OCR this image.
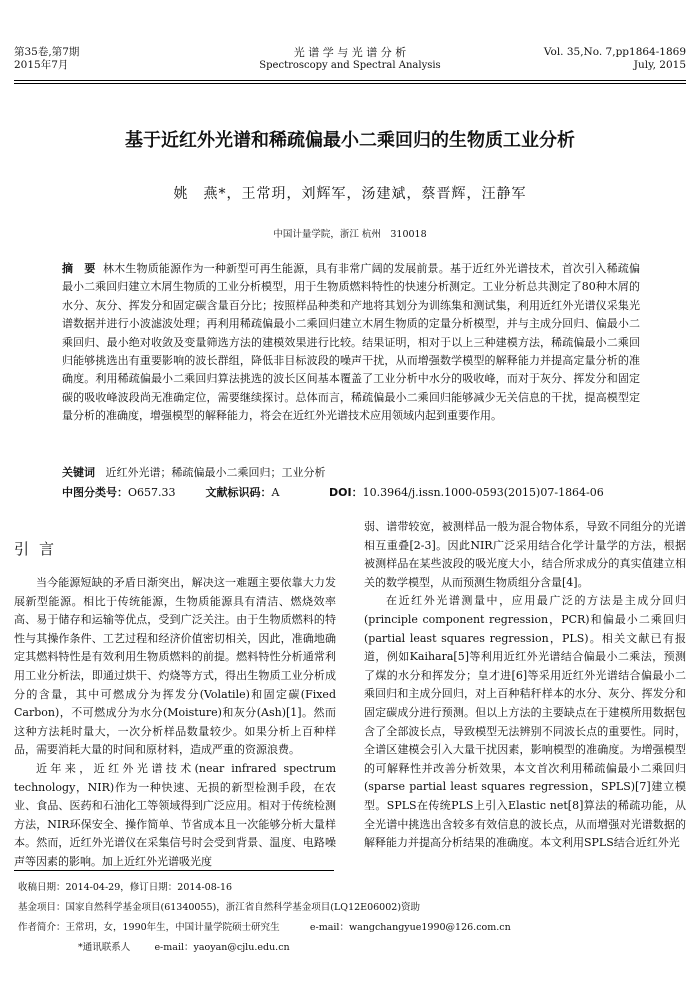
第35卷,第7期
2015年7月
光 谱 学 与 光 谱 分 析
Spectroscopy and Spectral Analysis
Vol. 35,No. 7,pp1864-1869
July, 2015
基于近红外光谱和稀疏偏最小二乘回归的生物质工业分析
姚　燕*，王常玥，刘辉军，汤建斌，蔡晋辉，汪静军
中国计量学院，浙江 杭州　310018
摘　要 林木生物质能源作为一种新型可再生能源，具有非常广阔的发展前景。基于近红外光谱技术，首次引入稀疏偏最小二乘回归建立木屑生物质的工业分析模型，用于生物质燃料特性的快速分析测定。工业分析总共测定了80种木屑的水分、灰分、挥发分和固定碳含量百分比；按照样品种类和产地将其划分为训练集和测试集，利用近红外光谱仪采集光谱数据并进行小波滤波处理；再利用稀疏偏最小二乘回归建立木屑生物质的定量分析模型，并与主成分回归、偏最小二乘回归、最小绝对收敛及变量筛选方法的建模效果进行比较。结果证明，相对于以上三种建模方法，稀疏偏最小二乘回归能够挑选出有重要影响的波长群组，降低非目标波段的噪声干扰，从而增强数学模型的解释能力并提高定量分析的准确度。利用稀疏偏最小二乘回归算法挑选的波长区间基本覆盖了工业分析中水分的吸收峰，而对于灰分、挥发分和固定碳的吸收峰波段尚无准确定位，需要继续探讨。总体而言，稀疏偏最小二乘回归能够减少无关信息的干扰，提高模型定量分析的准确度，增强模型的解释能力，将会在近红外光谱技术应用领域内起到重要作用。
关键词 近红外光谱；稀疏偏最小二乘回归；工业分析
中图分类号：O657.33	文献标识码：A	DOI：10.3964/j.issn.1000-0593(2015)07-1864-06
引言

当今能源短缺的矛盾日渐突出，解决这一难题主要依靠大力发展新型能源。相比于传统能源，生物质能源具有清洁、燃烧效率高、易于储存和运输等优点，受到广泛关注。由于生物质燃料的特性与其操作条件、工艺过程和经济价值密切相关，因此，准确地确定其燃料特性是有效利用生物质燃料的前提。燃料特性分析通常利用工业分析法，即通过烘干、灼烧等方式，得出生物质工业分析成分的含量，其中可燃成分为挥发分(Volatile)和固定碳(Fixed Carbon)，不可燃成分为水分(Moisture)和灰分(Ash)[1]。然而这种方法耗时量大，一次分析样品数量较少。如果分析上百种样品，需要消耗大量的时间和原材料，造成严重的资源浪费。

近年来，近红外光谱技术(near infrared spectrum technology，NIR)作为一种快速、无损的新型检测手段，在农业、食品、医药和石油化工等领域得到广泛应用。相对于传统检测方法，NIR环保安全、操作简单、节省成本且一次能够分析大量样本。然而，近红外光谱仪在采集信号时会受到背景、温度、电路噪声等因素的影响。加上近红外光谱吸光度

弱、谱带较宽，被测样品一般为混合物体系，导致不同组分的光谱相互重叠[2-3]。因此NIR广泛采用结合化学计量学的方法，根据被测样品在某些波段的吸光度大小，结合所求成分的真实值建立相关的数学模型，从而预测生物质组分含量[4]。

在近红外光谱测量中，应用最广泛的方法是主成分回归(principle component regression，PCR)和偏最小二乘回归(partial least squares regression，PLS)。相关文献已有报道，例如Kaihara[5]等利用近红外光谱结合偏最小二乘法，预测了煤的水分和挥发分；皇才进[6]等采用近红外光谱结合偏最小二乘回归和主成分回归，对上百种秸秆样本的水分、灰分、挥发分和固定碳成分进行预测。但以上方法的主要缺点在于建模所用数据包含了全部波长点，导致模型无法辨别不同波长点的重要性。同时，全谱区建模会引入大量干扰因素，影响模型的准确度。为增强模型的可解释性并改善分析效果，本文首次利用稀疏偏最小二乘回归(sparse partial least squares regression，SPLS)[7]建立模型。SPLS在传统PLS上引入Elastic net[8]算法的稀疏功能，从全光谱中挑选出含较多有效信息的波长点，从而增强对光谱数据的解释能力并提高分析结果的准确度。本文利用SPLS结合近红外光

收稿日期：2014-04-29，修订日期：2014-08-16
基金项目：国家自然科学基金项目(61340055)，浙江省自然科学基金项目(LQ12E06002)资助
作者简介：王常玥，女，1990年生，中国计量学院硕士研究生	e-mail：wangchangyue1990@126.com.cn
*通讯联系人	e-mail：yaoyan@cjlu.edu.cn
